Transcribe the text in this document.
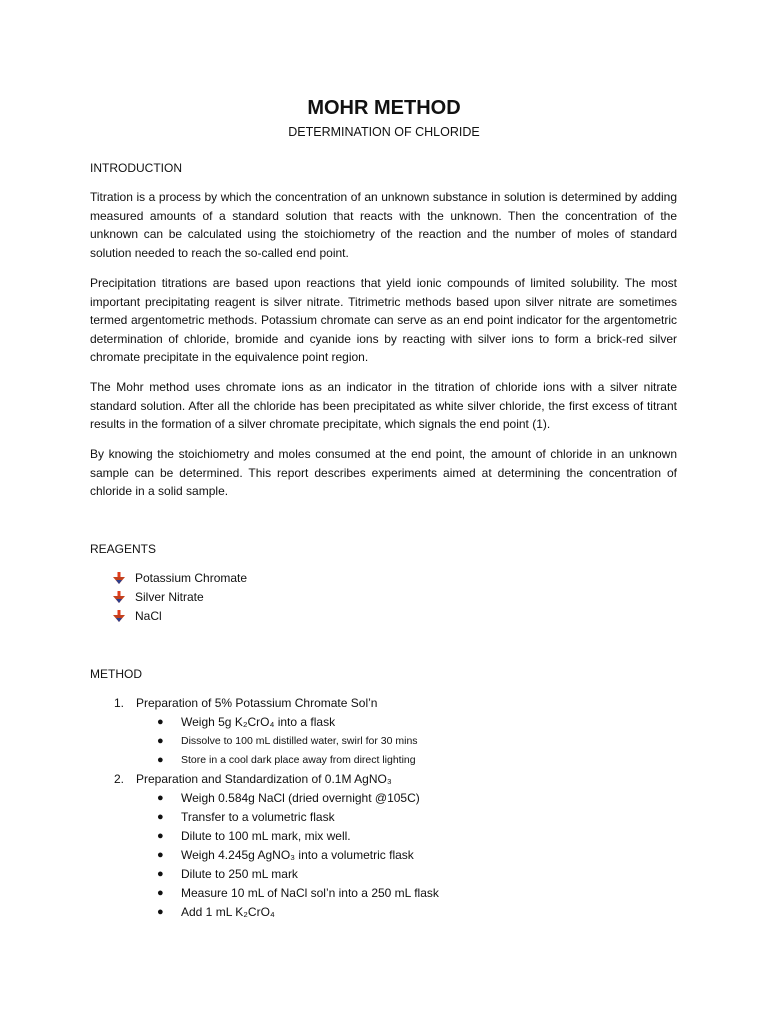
MOHR METHOD
DETERMINATION OF CHLORIDE
INTRODUCTION

Titration is a process by which the concentration of an unknown substance in solution is determined by adding measured amounts of a standard solution that reacts with the unknown. Then the concentration of the unknown can be calculated using the stoichiometry of the reaction and the number of moles of standard solution needed to reach the so-called end point.

Precipitation titrations are based upon reactions that yield ionic compounds of limited solubility. The most important precipitating reagent is silver nitrate. Titrimetric methods based upon silver nitrate are sometimes termed argentometric methods. Potassium chromate can serve as an end point indicator for the argentometric determination of chloride, bromide and cyanide ions by reacting with silver ions to form a brick-red silver chromate precipitate in the equivalence point region.

The Mohr method uses chromate ions as an indicator in the titration of chloride ions with a silver nitrate standard solution. After all the chloride has been precipitated as white silver chloride, the first excess of titrant results in the formation of a silver chromate precipitate, which signals the end point (1).

By knowing the stoichiometry and moles consumed at the end point, the amount of chloride in an unknown sample can be determined. This report describes experiments aimed at determining the concentration of chloride in a solid sample.

REAGENTS
Potassium Chromate
Silver Nitrate
NaCl
METHOD
1. Preparation of 5% Potassium Chromate Sol’n
● Weigh 5g K₂CrO₄ into a flask
● Dissolve to 100 mL distilled water, swirl for 30 mins
● Store in a cool dark place away from direct lighting
2. Preparation and Standardization of 0.1M AgNO₃
● Weigh 0.584g NaCl (dried overnight @105C)
● Transfer to a volumetric flask
● Dilute to 100 mL mark, mix well.
● Weigh 4.245g AgNO₃ into a volumetric flask
● Dilute to 250 mL mark
● Measure 10 mL of NaCl sol’n into a 250 mL flask
● Add 1 mL K₂CrO₄
